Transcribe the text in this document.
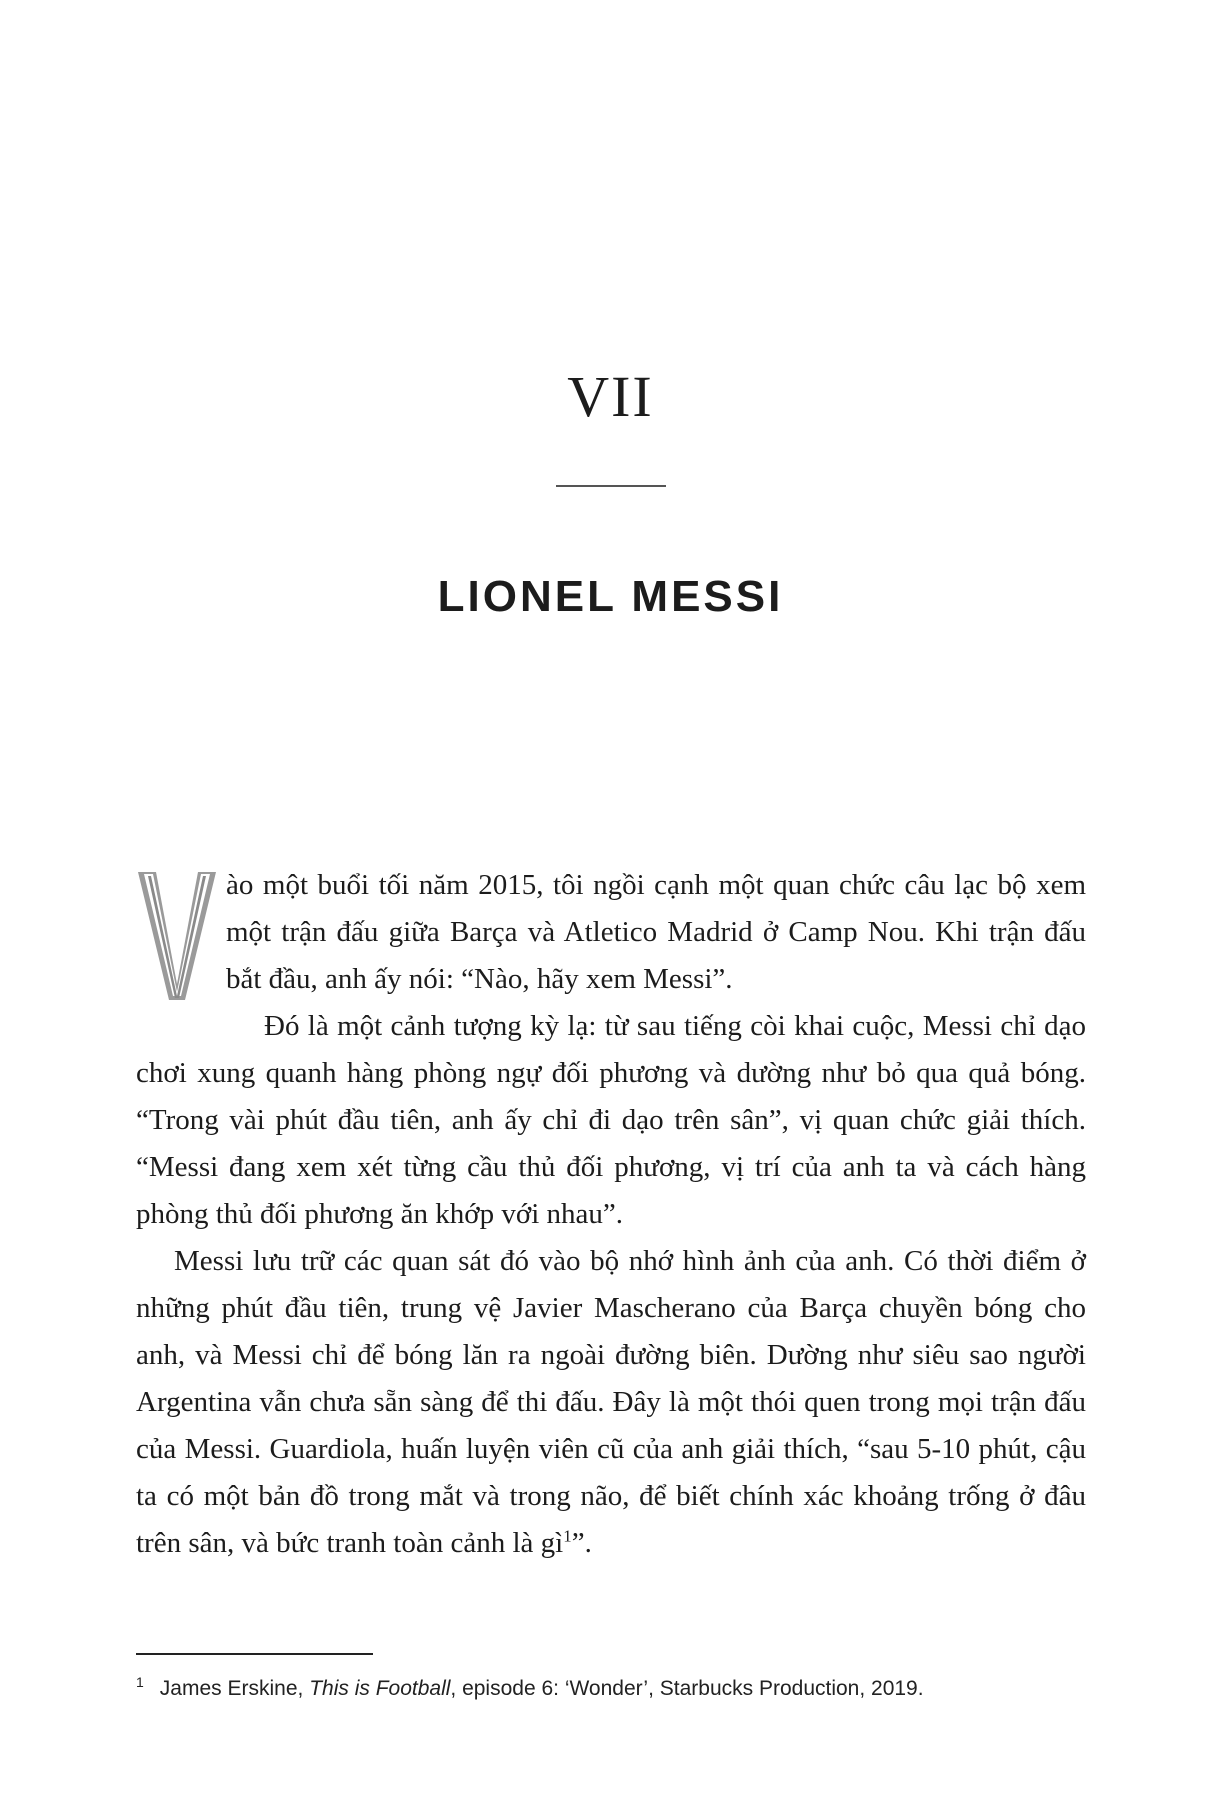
VII
LIONEL MESSI

ào một buổi tối năm 2015, tôi ngồi cạnh một quan chức câu lạc bộ xem một trận đấu giữa Barça và Atletico Madrid ở Camp Nou. Khi trận đấu bắt đầu, anh ấy nói: “Nào, hãy xem Messi”.

Đó là một cảnh tượng kỳ lạ: từ sau tiếng còi khai cuộc, Messi chỉ dạo chơi xung quanh hàng phòng ngự đối phương và dường như bỏ qua quả bóng. “Trong vài phút đầu tiên, anh ấy chỉ đi dạo trên sân”, vị quan chức giải thích. “Messi đang xem xét từng cầu thủ đối phương, vị trí của anh ta và cách hàng phòng thủ đối phương ăn khớp với nhau”.

Messi lưu trữ các quan sát đó vào bộ nhớ hình ảnh của anh. Có thời điểm ở những phút đầu tiên, trung vệ Javier Mascherano của Barça chuyền bóng cho anh, và Messi chỉ để bóng lăn ra ngoài đường biên. Dường như siêu sao người Argentina vẫn chưa sẵn sàng để thi đấu. Đây là một thói quen trong mọi trận đấu của Messi. Guardiola, huấn luyện viên cũ của anh giải thích, “sau 5-10 phút, cậu ta có một bản đồ trong mắt và trong não, để biết chính xác khoảng trống ở đâu trên sân, và bức tranh toàn cảnh là gì$^1$”.

$^1$ James Erskine, This is Football, episode 6: ‘Wonder’, Starbucks Production, 2019.
